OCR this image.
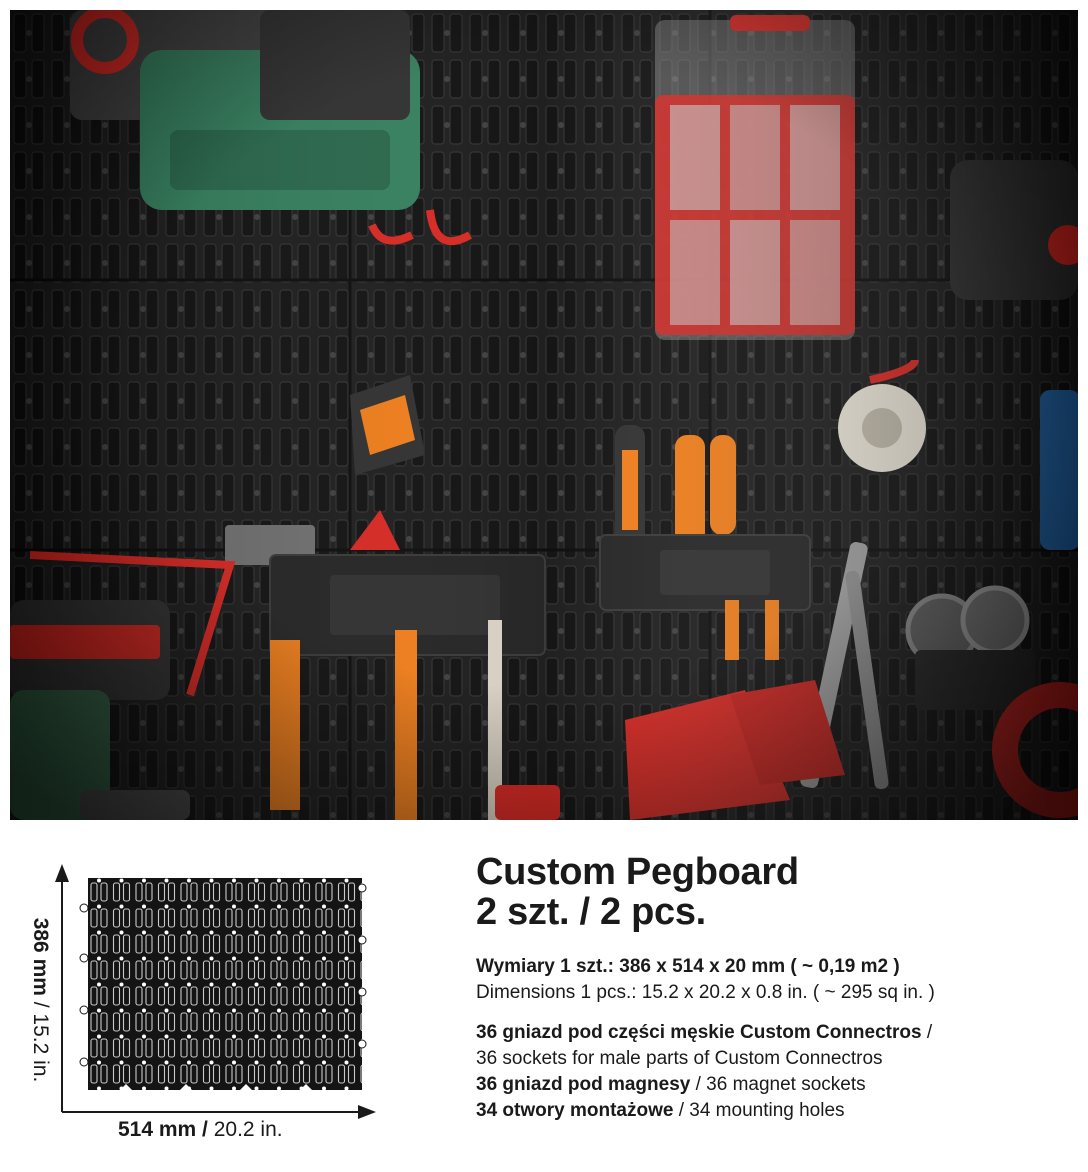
386 mm / 15.2 in.
514 mm / 20.2 in.
Custom Pegboard
2 szt. / 2 pcs.
Wymiary 1 szt.: 386 x 514 x 20 mm ( ~ 0,19 m2 )
Dimensions 1 pcs.: 15.2 x 20.2 x 0.8 in. ( ~ 295 sq in. )
36 gniazd pod części męskie Custom Connectros /
36 sockets for male parts of Custom Connectros
36 gniazd pod magnesy / 36 magnet sockets
34 otwory montażowe / 34 mounting holes
